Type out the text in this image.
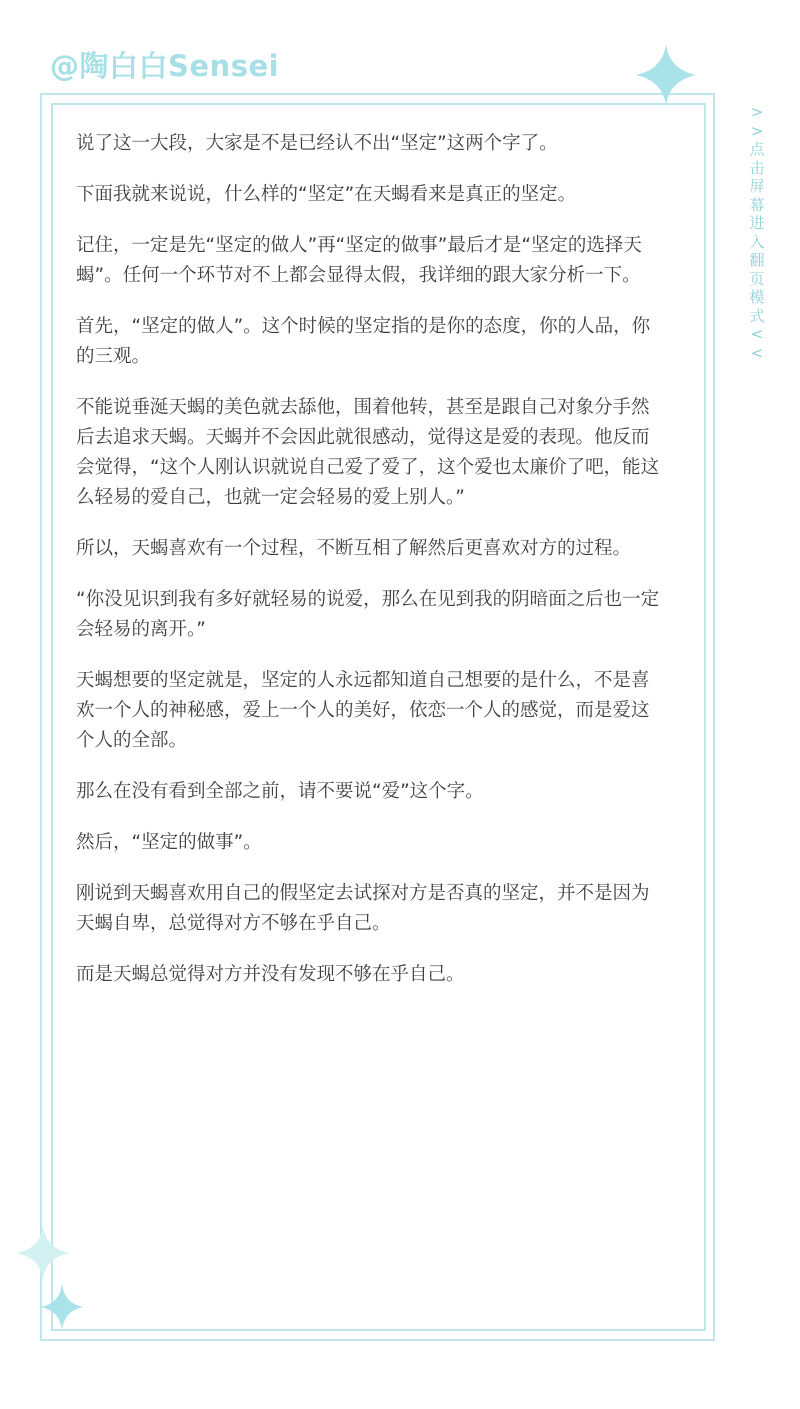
@陶白白Sensei
>>点击屏幕进入翻页模式<<

说了这一大段，大家是不是已经认不出“坚定”这两个字了。

下面我就来说说，什么样的“坚定”在天蝎看来是真正的坚定。

记住，一定是先“坚定的做人”再“坚定的做事”最后才是“坚定的选择天蝎”。任何一个环节对不上都会显得太假，我详细的跟大家分析一下。

首先，“坚定的做人”。这个时候的坚定指的是你的态度，你的人品，你的三观。

不能说垂涎天蝎的美色就去舔他，围着他转，甚至是跟自己对象分手然后去追求天蝎。天蝎并不会因此就很感动，觉得这是爱的表现。他反而会觉得，“这个人刚认识就说自己爱了爱了，这个爱也太廉价了吧，能这么轻易的爱自己，也就一定会轻易的爱上别人。”

所以，天蝎喜欢有一个过程，不断互相了解然后更喜欢对方的过程。

“你没见识到我有多好就轻易的说爱，那么在见到我的阴暗面之后也一定会轻易的离开。”

天蝎想要的坚定就是，坚定的人永远都知道自己想要的是什么，不是喜欢一个人的神秘感，爱上一个人的美好，依恋一个人的感觉，而是爱这个人的全部。

那么在没有看到全部之前，请不要说“爱”这个字。

然后，“坚定的做事”。

刚说到天蝎喜欢用自己的假坚定去试探对方是否真的坚定，并不是因为天蝎自卑，总觉得对方不够在乎自己。

而是天蝎总觉得对方并没有发现不够在乎自己。
